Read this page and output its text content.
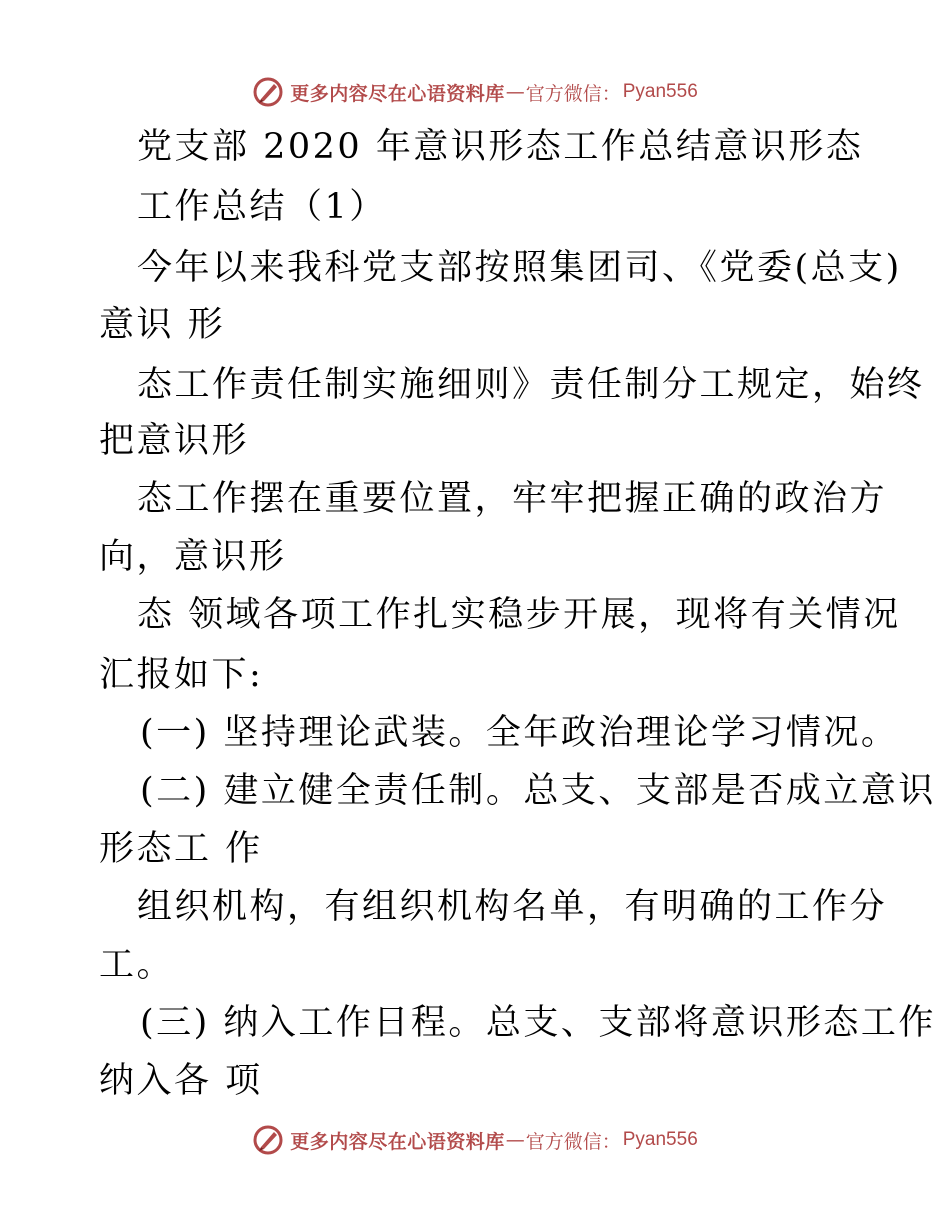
更多内容尽在心语资料库 — 官方微信： Pyan556
党支部 2020 年意识形态工作总结意识形态
工作总结（1）
今年以来我科党支部按照集团司、《党委(总支)
意识 形
态工作责任制实施细则》责任制分工规定，始终
把意识形
态工作摆在重要位置，牢牢把握正确的政治方
向，意识形
态 领域各项工作扎实稳步开展，现将有关情况
汇报如下:
(一) 坚持理论武装。全年政治理论学习情况。
(二) 建立健全责任制。总支、支部是否成立意识
形态工 作
组织机构，有组织机构名单，有明确的工作分
工。
(三) 纳入工作日程。总支、支部将意识形态工作
纳入各 项
更多内容尽在心语资料库 — 官方微信： Pyan556
